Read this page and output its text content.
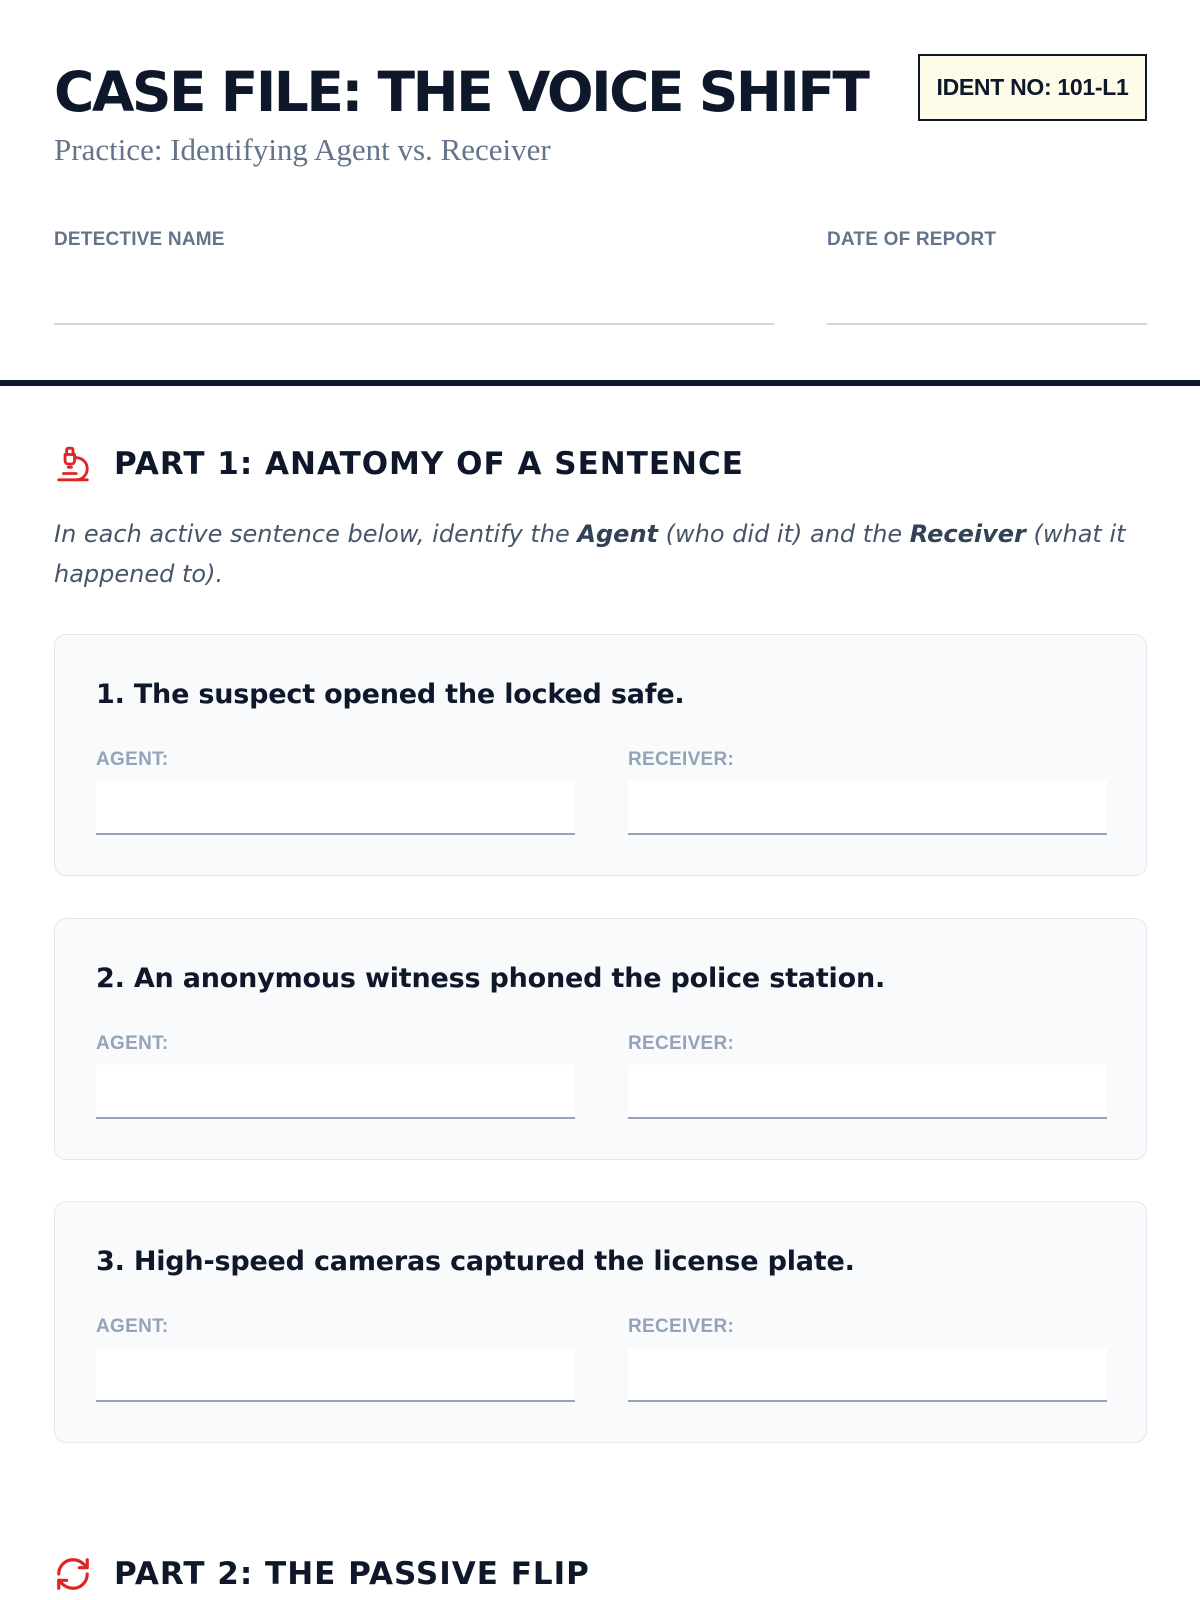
CASE FILE: THE VOICE SHIFT	IDENT NO: 101-L1
Practice: Identifying Agent vs. Receiver
DETECTIVE NAME	DATE OF REPORT
PART 1: ANATOMY OF A SENTENCE
In each active sentence below, identify the Agent (who did it) and the Receiver (what it happened to).
1. The suspect opened the locked safe.
AGENT:	RECEIVER:
2. An anonymous witness phoned the police station.
AGENT:	RECEIVER:
3. High-speed cameras captured the license plate.
AGENT:	RECEIVER:
PART 2: THE PASSIVE FLIP
